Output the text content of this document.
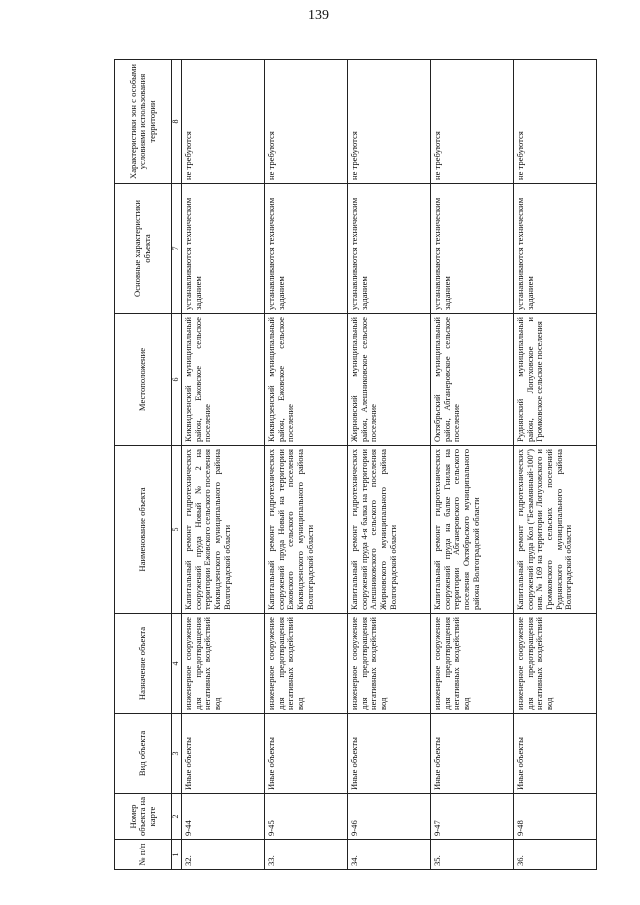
139
№ п/п	Номер объекта на карте	Вид объекта	Назначение объекта	Наименование объекта	Местоположение	Основные характеристики объекта	Характеристики зон с особыми условиями использования территории
1	2	3	4	5	6	7	8
32.	9-44	Иные объекты	инженерное сооружение для предотвращения негативных воздействий вод	Капитальный ремонт гидротехнических сооружений пруда Новый № 2 на территории Ежовского сельского поселения Киквидзенского муниципального района Волгоградской области	Киквидзенский муниципальный район, Ежовское сельское поселение	устанавливаются техническим заданием	не требуются
33.	9-45	Иные объекты	инженерное сооружение для предотвращения негативных воздействий вод	Капитальный ремонт гидротехнических сооружений пруда Новый на территории Ежовского сельского поселения Киквидзенского муниципального района Волгоградской области	Киквидзенский муниципальный район, Ежовское сельское поселение	устанавливаются техническим заданием	не требуются
34.	9-46	Иные объекты	инженерное сооружение для предотвращения негативных воздействий вод	Капитальный ремонт гидротехнических сооружений пруда 4-я балка на территории Алешниковского сельского поселения Жирновского муниципального района Волгоградской области	Жирновский муниципальный район, Алешниковское сельское поселение	устанавливаются техническим заданием	не требуются
35.	9-47	Иные объекты	инженерное сооружение для предотвращения негативных воздействий вод	Капитальный ремонт гидротехнических сооружений пруда на балке Гнилая на территории Абганеровского сельского поселения Октябрьского муниципального района Волгоградской области	Октябрьский муниципальный район, Абганеровское сельское поселение	устанавливаются техническим заданием	не требуются
36.	9-48	Иные объекты	инженерное сооружение для предотвращения негативных воздействий вод	Капитальный ремонт гидротехнических сооружений пруда Кол ("Безымянный-100") инв. № 169 на территории Лопуховского и Громковского сельских поселений Руднянского муниципального района Волгоградской области	Руднянский муниципальный район, Лопуховское и Громковское сельские поселения	устанавливаются техническим заданием	не требуются
